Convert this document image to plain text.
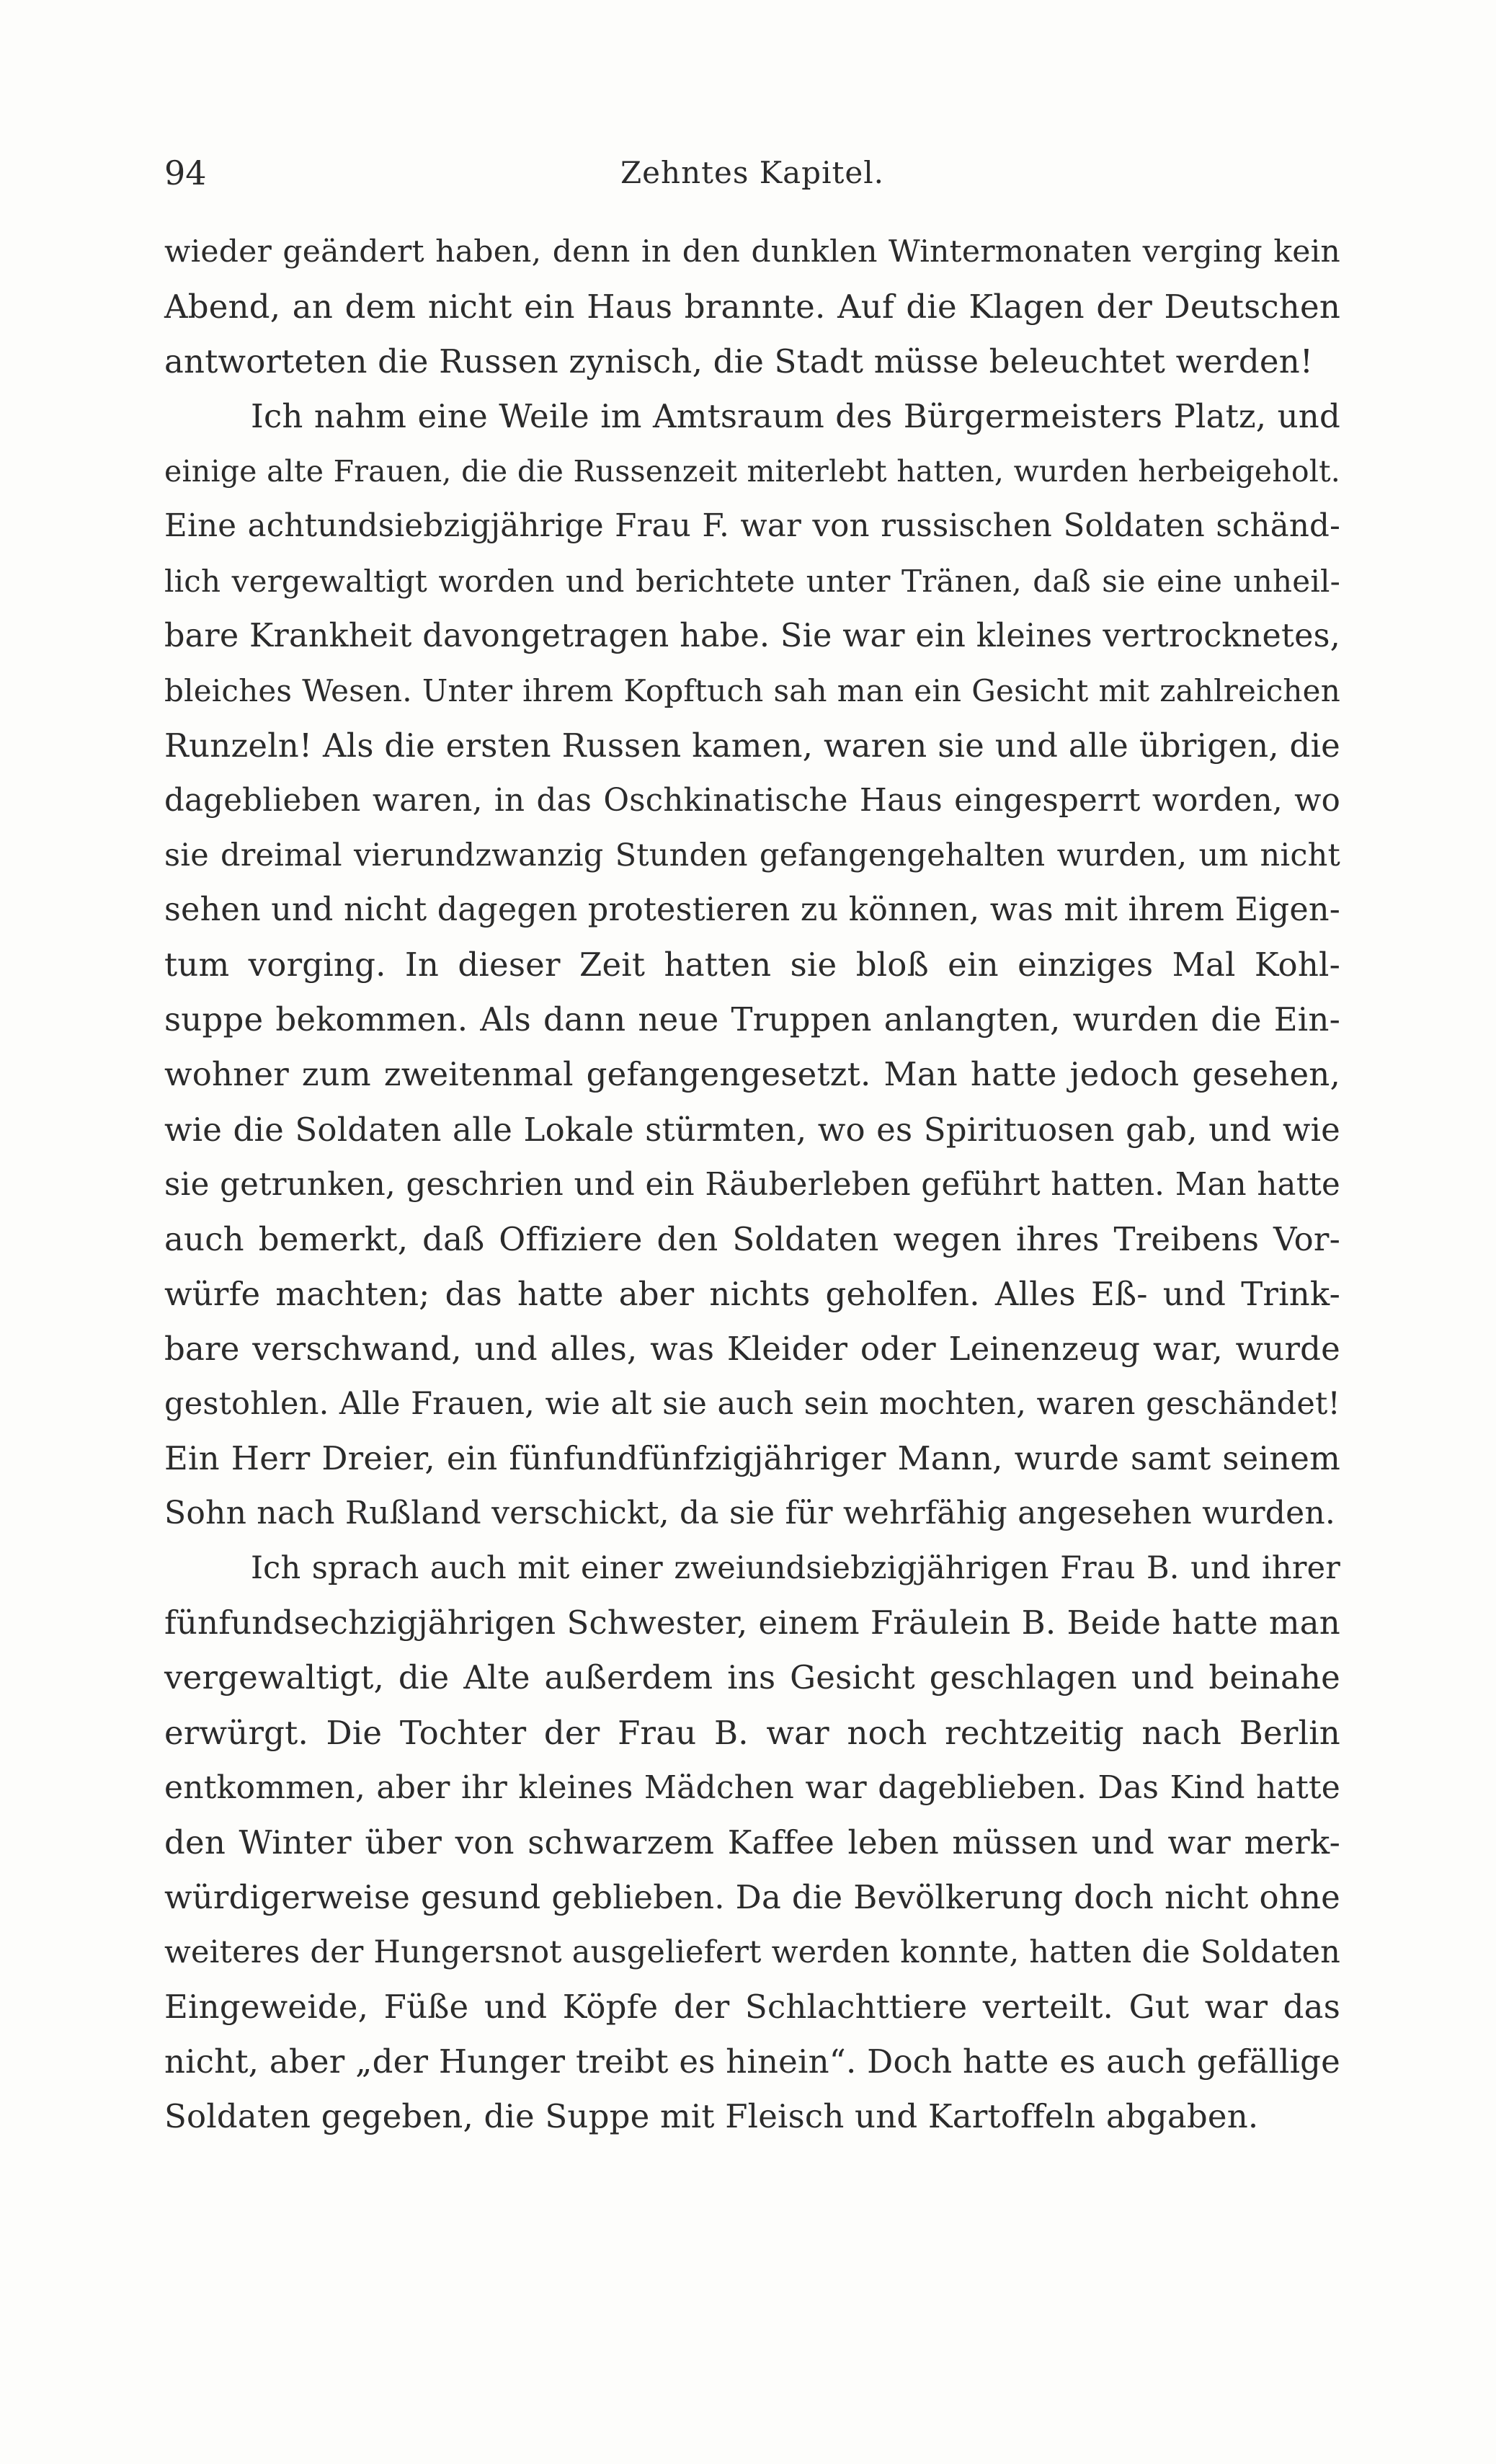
94	Zehntes Kapitel.
wieder geändert haben, denn in den dunklen Wintermonaten verging kein
Abend, an dem nicht ein Haus brannte. Auf die Klagen der Deutschen
antworteten die Russen zynisch, die Stadt müsse beleuchtet werden!
Ich nahm eine Weile im Amtsraum des Bürgermeisters Platz, und
einige alte Frauen, die die Russenzeit miterlebt hatten, wurden herbeigeholt.
Eine achtundsiebzigjährige Frau F. war von russischen Soldaten schänd-
lich vergewaltigt worden und berichtete unter Tränen, daß sie eine unheil-
bare Krankheit davongetragen habe. Sie war ein kleines vertrocknetes,
bleiches Wesen. Unter ihrem Kopftuch sah man ein Gesicht mit zahlreichen
Runzeln! Als die ersten Russen kamen, waren sie und alle übrigen, die
dageblieben waren, in das Oschkinatische Haus eingesperrt worden, wo
sie dreimal vierundzwanzig Stunden gefangengehalten wurden, um nicht
sehen und nicht dagegen protestieren zu können, was mit ihrem Eigen-
tum vorging. In dieser Zeit hatten sie bloß ein einziges Mal Kohl-
suppe bekommen. Als dann neue Truppen anlangten, wurden die Ein-
wohner zum zweitenmal gefangengesetzt. Man hatte jedoch gesehen,
wie die Soldaten alle Lokale stürmten, wo es Spirituosen gab, und wie
sie getrunken, geschrien und ein Räuberleben geführt hatten. Man hatte
auch bemerkt, daß Offiziere den Soldaten wegen ihres Treibens Vor-
würfe machten; das hatte aber nichts geholfen. Alles Eß- und Trink-
bare verschwand, und alles, was Kleider oder Leinenzeug war, wurde
gestohlen. Alle Frauen, wie alt sie auch sein mochten, waren geschändet!
Ein Herr Dreier, ein fünfundfünfzigjähriger Mann, wurde samt seinem
Sohn nach Rußland verschickt, da sie für wehrfähig angesehen wurden.
Ich sprach auch mit einer zweiundsiebzigjährigen Frau B. und ihrer
fünfundsechzigjährigen Schwester, einem Fräulein B. Beide hatte man
vergewaltigt, die Alte außerdem ins Gesicht geschlagen und beinahe
erwürgt. Die Tochter der Frau B. war noch rechtzeitig nach Berlin
entkommen, aber ihr kleines Mädchen war dageblieben. Das Kind hatte
den Winter über von schwarzem Kaffee leben müssen und war merk-
würdigerweise gesund geblieben. Da die Bevölkerung doch nicht ohne
weiteres der Hungersnot ausgeliefert werden konnte, hatten die Soldaten
Eingeweide, Füße und Köpfe der Schlachttiere verteilt. Gut war das
nicht, aber „der Hunger treibt es hinein“. Doch hatte es auch gefällige
Soldaten gegeben, die Suppe mit Fleisch und Kartoffeln abgaben.
